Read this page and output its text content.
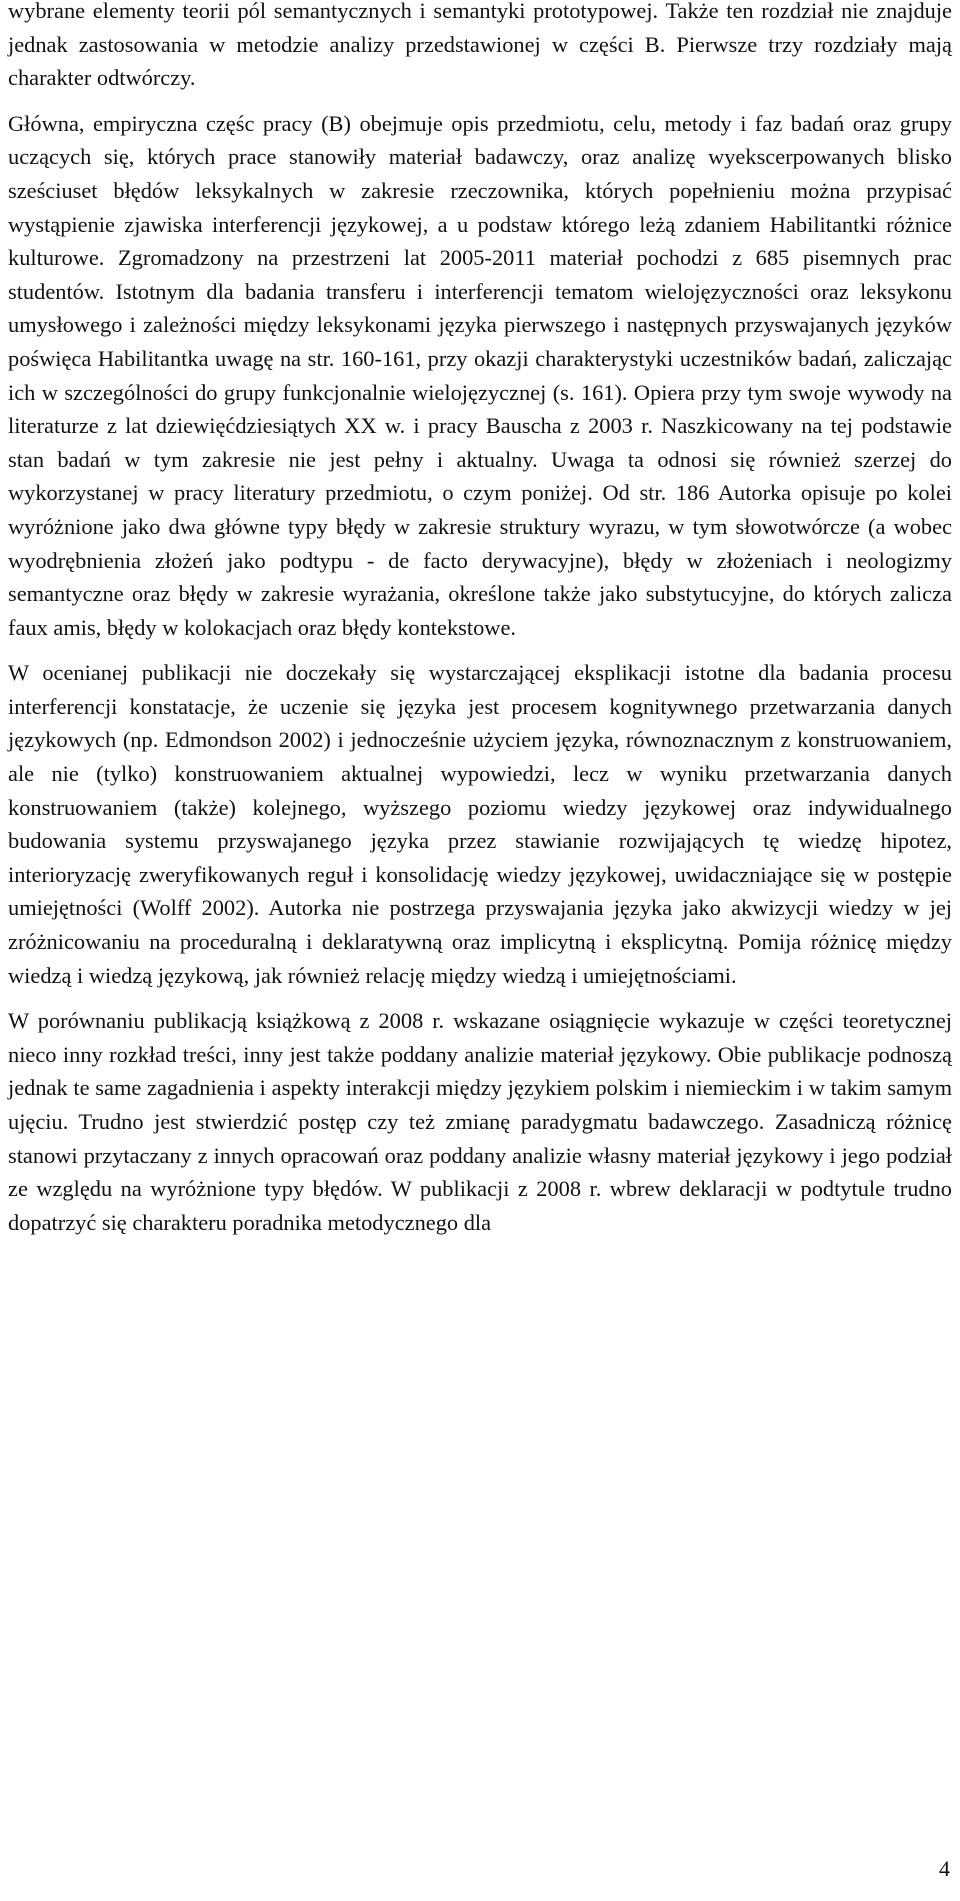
wybrane elementy teorii pól semantycznych i semantyki prototypowej. Także ten rozdział nie znajduje jednak zastosowania w metodzie analizy przedstawionej w części B. Pierwsze trzy rozdziały mają charakter odtwórczy.

Główna, empiryczna częśc pracy (B) obejmuje opis przedmiotu, celu, metody i faz badań oraz grupy uczących się, których prace stanowiły materiał badawczy, oraz analizę wyekscerpowanych blisko sześciuset błędów leksykalnych w zakresie rzeczownika, których popełnieniu można przypisać wystąpienie zjawiska interferencji językowej, a u podstaw którego leżą zdaniem Habilitantki różnice kulturowe. Zgromadzony na przestrzeni lat 2005-2011 materiał pochodzi z 685 pisemnych prac studentów. Istotnym dla badania transferu i interferencji tematom wielojęzyczności oraz leksykonu umysłowego i zależności między leksykonami języka pierwszego i następnych przyswajanych języków poświęca Habilitantka uwagę na str. 160-161, przy okazji charakterystyki uczestników badań, zaliczając ich w szczególności do grupy funkcjonalnie wielojęzycznej (s. 161). Opiera przy tym swoje wywody na literaturze z lat dziewięćdziesiątych XX w. i pracy Bauscha z 2003 r. Naszkicowany na tej podstawie stan badań w tym zakresie nie jest pełny i aktualny. Uwaga ta odnosi się również szerzej do wykorzystanej w pracy literatury przedmiotu, o czym poniżej. Od str. 186 Autorka opisuje po kolei wyróżnione jako dwa główne typy błędy w zakresie struktury wyrazu, w tym słowotwórcze (a wobec wyodrębnienia złożeń jako podtypu - de facto derywacyjne), błędy w złożeniach i neologizmy semantyczne oraz błędy w zakresie wyrażania, określone także jako substytucyjne, do których zalicza faux amis, błędy w kolokacjach oraz błędy kontekstowe.

W ocenianej publikacji nie doczekały się wystarczającej eksplikacji istotne dla badania procesu interferencji konstatacje, że uczenie się języka jest procesem kognitywnego przetwarzania danych językowych (np. Edmondson 2002) i jednocześnie użyciem języka, równoznacznym z konstruowaniem, ale nie (tylko) konstruowaniem aktualnej wypowiedzi, lecz w wyniku przetwarzania danych konstruowaniem (także) kolejnego, wyższego poziomu wiedzy językowej oraz indywidualnego budowania systemu przyswajanego języka przez stawianie rozwijających tę wiedzę hipotez, interioryzację zweryfikowanych reguł i konsolidację wiedzy językowej, uwidaczniające się w postępie umiejętności (Wolff 2002). Autorka nie postrzega przyswajania języka jako akwizycji wiedzy w jej zróżnicowaniu na proceduralną i deklaratywną oraz implicytną i eksplicytną. Pomija różnicę między wiedzą i wiedzą językową, jak również relację między wiedzą i umiejętnościami.

W porównaniu publikacją książkową z 2008 r. wskazane osiągnięcie wykazuje w części teoretycznej nieco inny rozkład treści, inny jest także poddany analizie materiał językowy. Obie publikacje podnoszą jednak te same zagadnienia i aspekty interakcji między językiem polskim i niemieckim i w takim samym ujęciu. Trudno jest stwierdzić postęp czy też zmianę paradygmatu badawczego. Zasadniczą różnicę stanowi przytaczany z innych opracowań oraz poddany analizie własny materiał językowy i jego podział ze względu na wyróżnione typy błędów. W publikacji z 2008 r. wbrew deklaracji w podtytule trudno dopatrzyć się charakteru poradnika metodycznego dla

4
